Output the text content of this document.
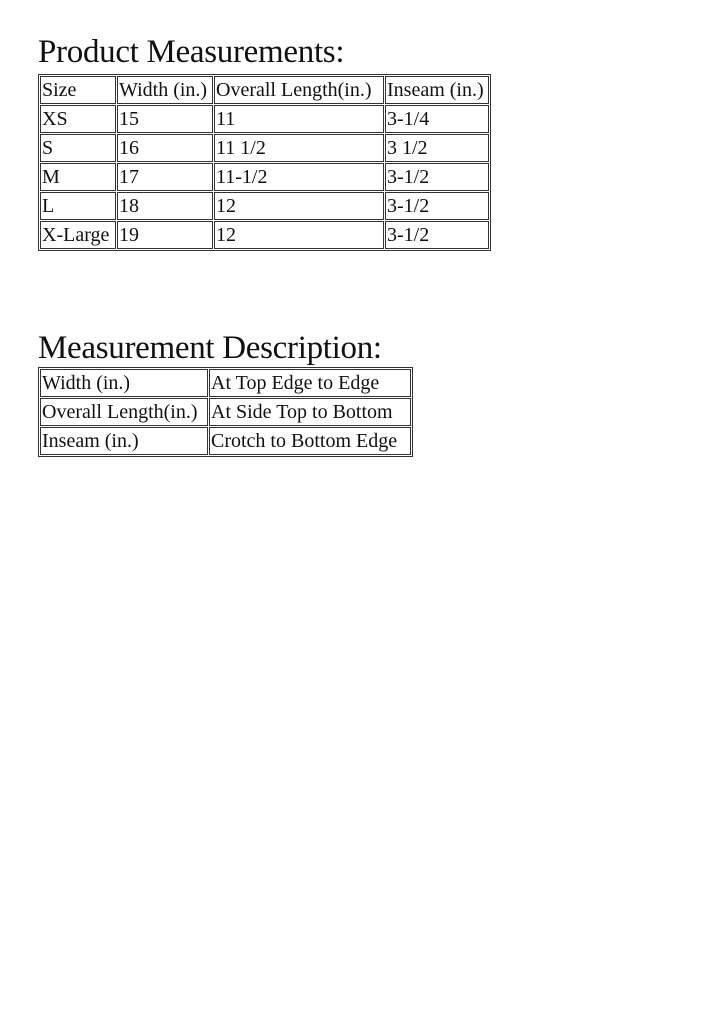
Product Measurements:
Size	Width (in.)	Overall Length(in.)	Inseam (in.)
XS	15	11	3-1/4
S	16	11 1/2	3 1/2
M	17	11-1/2	3-1/2
L	18	12	3-1/2
X-Large	19	12	3-1/2
Measurement Description:
Width (in.)	At Top Edge to Edge
Overall Length(in.)	At Side Top to Bottom
Inseam (in.)	Crotch to Bottom Edge
